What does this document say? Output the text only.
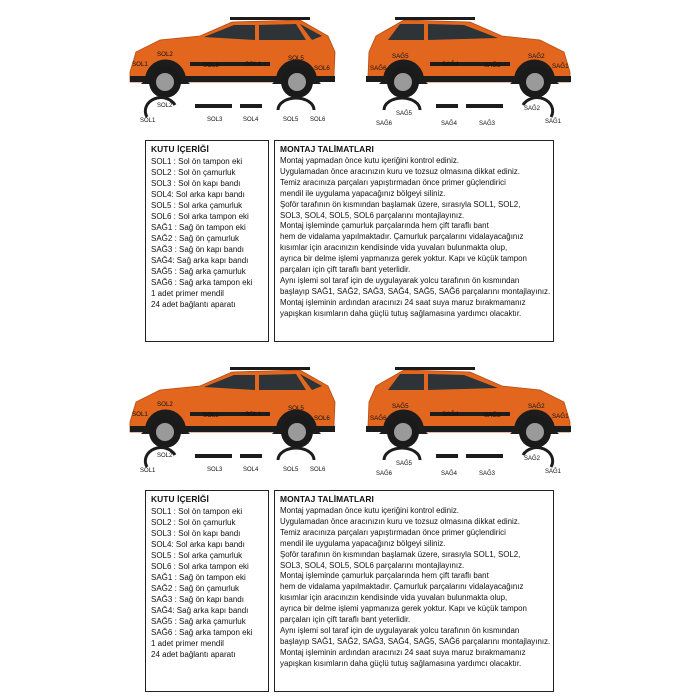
SOL2
SOL3	SOL4
SOL5
SOL1
SOL6
SOL2
SOL1	SOL3	SOL4	SOL5 SOL6
SAĞ5
SAĞ6
SAĞ4	SAĞ3
SAĞ2
SAĞ1
SAĞ5
SAĞ6	SAĞ4	SAĞ3
SAĞ2
SAĞ1
KUTU İÇERİĞİ
SOL1 : Sol ön tampon eki
SOL2 : Sol ön çamurluk
SOL3 : Sol ön kapı bandı
SOL4: Sol arka kapı bandı
SOL5 : Sol arka çamurluk
SOL6 : Sol arka tampon eki
SAĞ1 : Sağ ön tampon eki
SAĞ2 : Sağ ön çamurluk
SAĞ3 : Sağ ön kapı bandı
SAĞ4: Sağ arka kapı bandı
SAĞ5 : Sağ arka çamurluk
SAĞ6 : Sağ arka tampon eki
1 adet primer mendil
24 adet bağlantı aparatı
MONTAJ TALİMATLARI
Montaj yapmadan önce kutu içeriğini kontrol ediniz.
Uygulamadan önce aracınızın kuru ve tozsuz olmasına dikkat ediniz.
Temiz aracınıza parçaları yapıştırmadan önce primer güçlendirici
mendil ile uygulama yapacağınız bölgeyi siliniz.
Şoför tarafının ön kısmından başlamak üzere, sırasıyla SOL1, SOL2,
SOL3, SOL4, SOL5, SOL6 parçalarını montajlayınız.
Montaj işleminde çamurluk parçalarında hem çift taraflı bant
hem de vidalama yapılmaktadır. Çamurluk parçalarını vidalayacağınız
kısımlar için aracınızın kendisinde vida yuvaları bulunmakta olup,
ayrıca bir delme işlemi yapmanıza gerek yoktur. Kapı ve küçük tampon
parçaları için çift taraflı bant yeterlidir.
Aynı işlemi sol taraf için de uygulayarak yolcu tarafının ön kısmından
başlayıp SAĞ1, SAĞ2, SAĞ3, SAĞ4, SAĞ5, SAĞ6 parçalarını montajlayınız.
Montaj işleminin ardından aracınızı 24 saat suya maruz bırakmamanız
yapışkan kısımların daha güçlü tutuş sağlamasına yardımcı olacaktır.
SOL2
SOL3	SOL4
SOL5
SOL1
SOL6
SOL2
SOL1	SOL3	SOL4	SOL5 SOL6
SAĞ5
SAĞ6
SAĞ4	SAĞ3
SAĞ2
SAĞ1
SAĞ5
SAĞ6	SAĞ4	SAĞ3
SAĞ2
SAĞ1
KUTU İÇERİĞİ
SOL1 : Sol ön tampon eki
SOL2 : Sol ön çamurluk
SOL3 : Sol ön kapı bandı
SOL4: Sol arka kapı bandı
SOL5 : Sol arka çamurluk
SOL6 : Sol arka tampon eki
SAĞ1 : Sağ ön tampon eki
SAĞ2 : Sağ ön çamurluk
SAĞ3 : Sağ ön kapı bandı
SAĞ4: Sağ arka kapı bandı
SAĞ5 : Sağ arka çamurluk
SAĞ6 : Sağ arka tampon eki
1 adet primer mendil
24 adet bağlantı aparatı
MONTAJ TALİMATLARI
Montaj yapmadan önce kutu içeriğini kontrol ediniz.
Uygulamadan önce aracınızın kuru ve tozsuz olmasına dikkat ediniz.
Temiz aracınıza parçaları yapıştırmadan önce primer güçlendirici
mendil ile uygulama yapacağınız bölgeyi siliniz.
Şoför tarafının ön kısmından başlamak üzere, sırasıyla SOL1, SOL2,
SOL3, SOL4, SOL5, SOL6 parçalarını montajlayınız.
Montaj işleminde çamurluk parçalarında hem çift taraflı bant
hem de vidalama yapılmaktadır. Çamurluk parçalarını vidalayacağınız
kısımlar için aracınızın kendisinde vida yuvaları bulunmakta olup,
ayrıca bir delme işlemi yapmanıza gerek yoktur. Kapı ve küçük tampon
parçaları için çift taraflı bant yeterlidir.
Aynı işlemi sol taraf için de uygulayarak yolcu tarafının ön kısmından
başlayıp SAĞ1, SAĞ2, SAĞ3, SAĞ4, SAĞ5, SAĞ6 parçalarını montajlayınız.
Montaj işleminin ardından aracınızı 24 saat suya maruz bırakmamanız
yapışkan kısımların daha güçlü tutuş sağlamasına yardımcı olacaktır.
